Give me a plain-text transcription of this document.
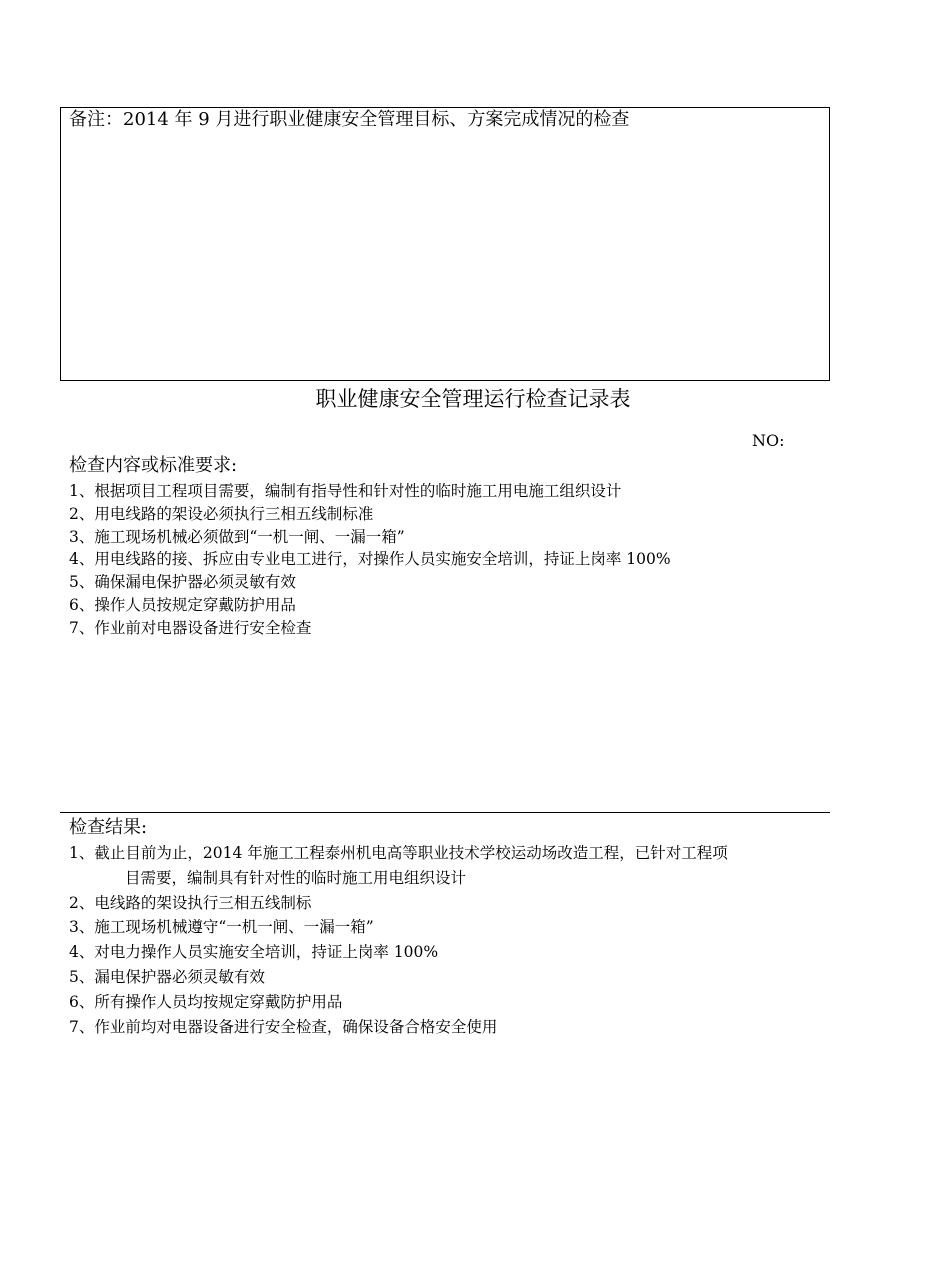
备注：2014 年 9 月进行职业健康安全管理目标、方案完成情况的检查
职业健康安全管理运行检查记录表
NO:
检查内容或标准要求:
1、根据项目工程项目需要，编制有指导性和针对性的临时施工用电施工组织设计
2、用电线路的架设必须执行三相五线制标准
3、施工现场机械必须做到“一机一闸、一漏一箱”
4、用电线路的接、拆应由专业电工进行，对操作人员实施安全培训，持证上岗率 100%
5、确保漏电保护器必须灵敏有效
6、操作人员按规定穿戴防护用品
7、作业前对电器设备进行安全检查
检查结果:
1、截止目前为止，2014 年施工工程泰州机电高等职业技术学校运动场改造工程，已针对工程项
目需要，编制具有针对性的临时施工用电组织设计
2、电线路的架设执行三相五线制标
3、施工现场机械遵守“一机一闸、一漏一箱”
4、对电力操作人员实施安全培训，持证上岗率 100%
5、漏电保护器必须灵敏有效
6、所有操作人员均按规定穿戴防护用品
7、作业前均对电器设备进行安全检查，确保设备合格安全使用
